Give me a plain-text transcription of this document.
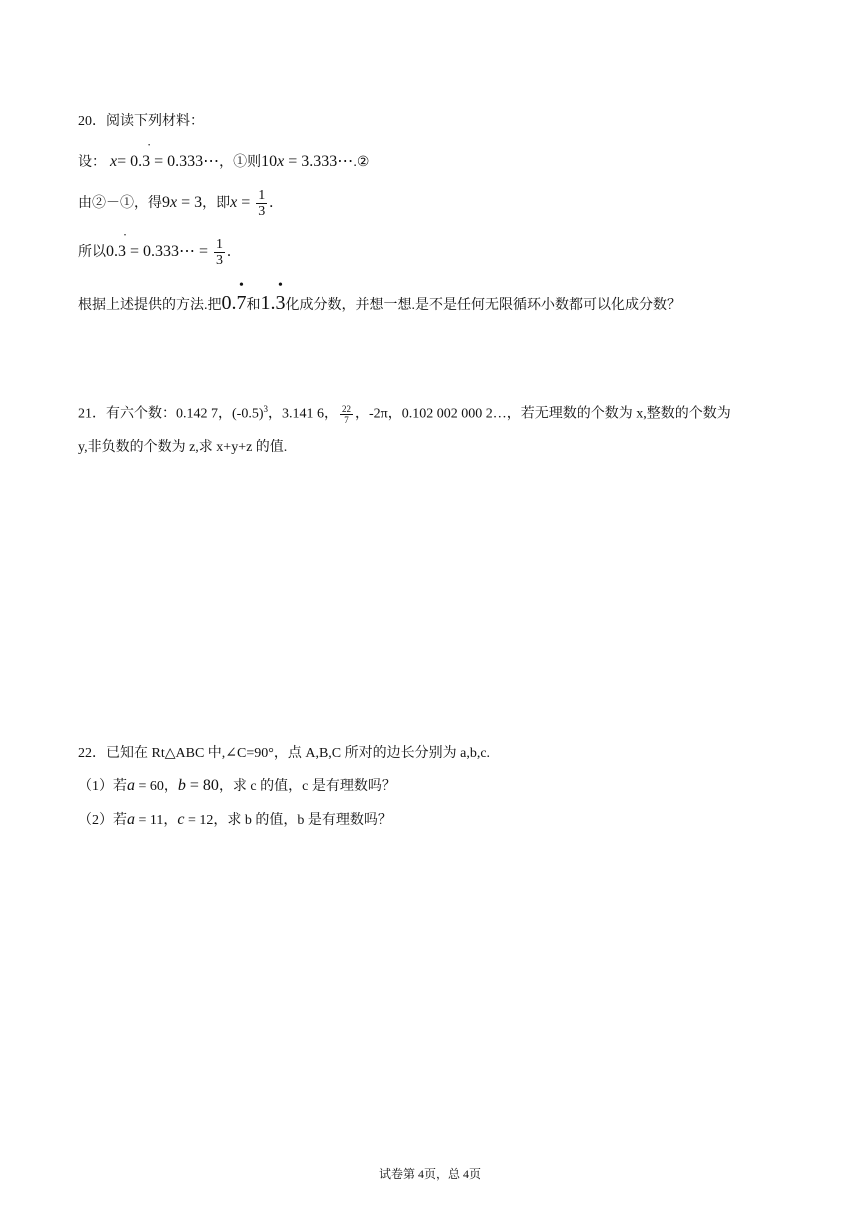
20．阅读下列材料：
设： x= 0.3
= 0.333⋯，①则10x = 3.333⋯.②
由②－①，得9x = 3，即$x = \frac{1}{3}$ .
所以0.3
= 0.333⋯ = $\frac{1}{3}$ .
根据上述提供的方法.把0.7
•
和1.3
•
化成分数，并想一想.是不是任何无限循环小数都可以化成分数？
21．有六个数：0.142 7，$(-0.5)^3$，3.141 6， $\frac{22}{7}$ ，-2π，0.102 002 000 2…，若无理数的个数为 x,整数的个数为
y,非负数的个数为 z,求 x+y+z 的值.
22．已知在 Rt△ABC 中,∠C=90°，点 A,B,C 所对的边长分别为 a,b,c.
（1）若a = 60，b = 80，求 c 的值，c 是有理数吗？
（2）若a = 11，c = 12，求 b 的值，b 是有理数吗？
试卷第 4页，总 4页
